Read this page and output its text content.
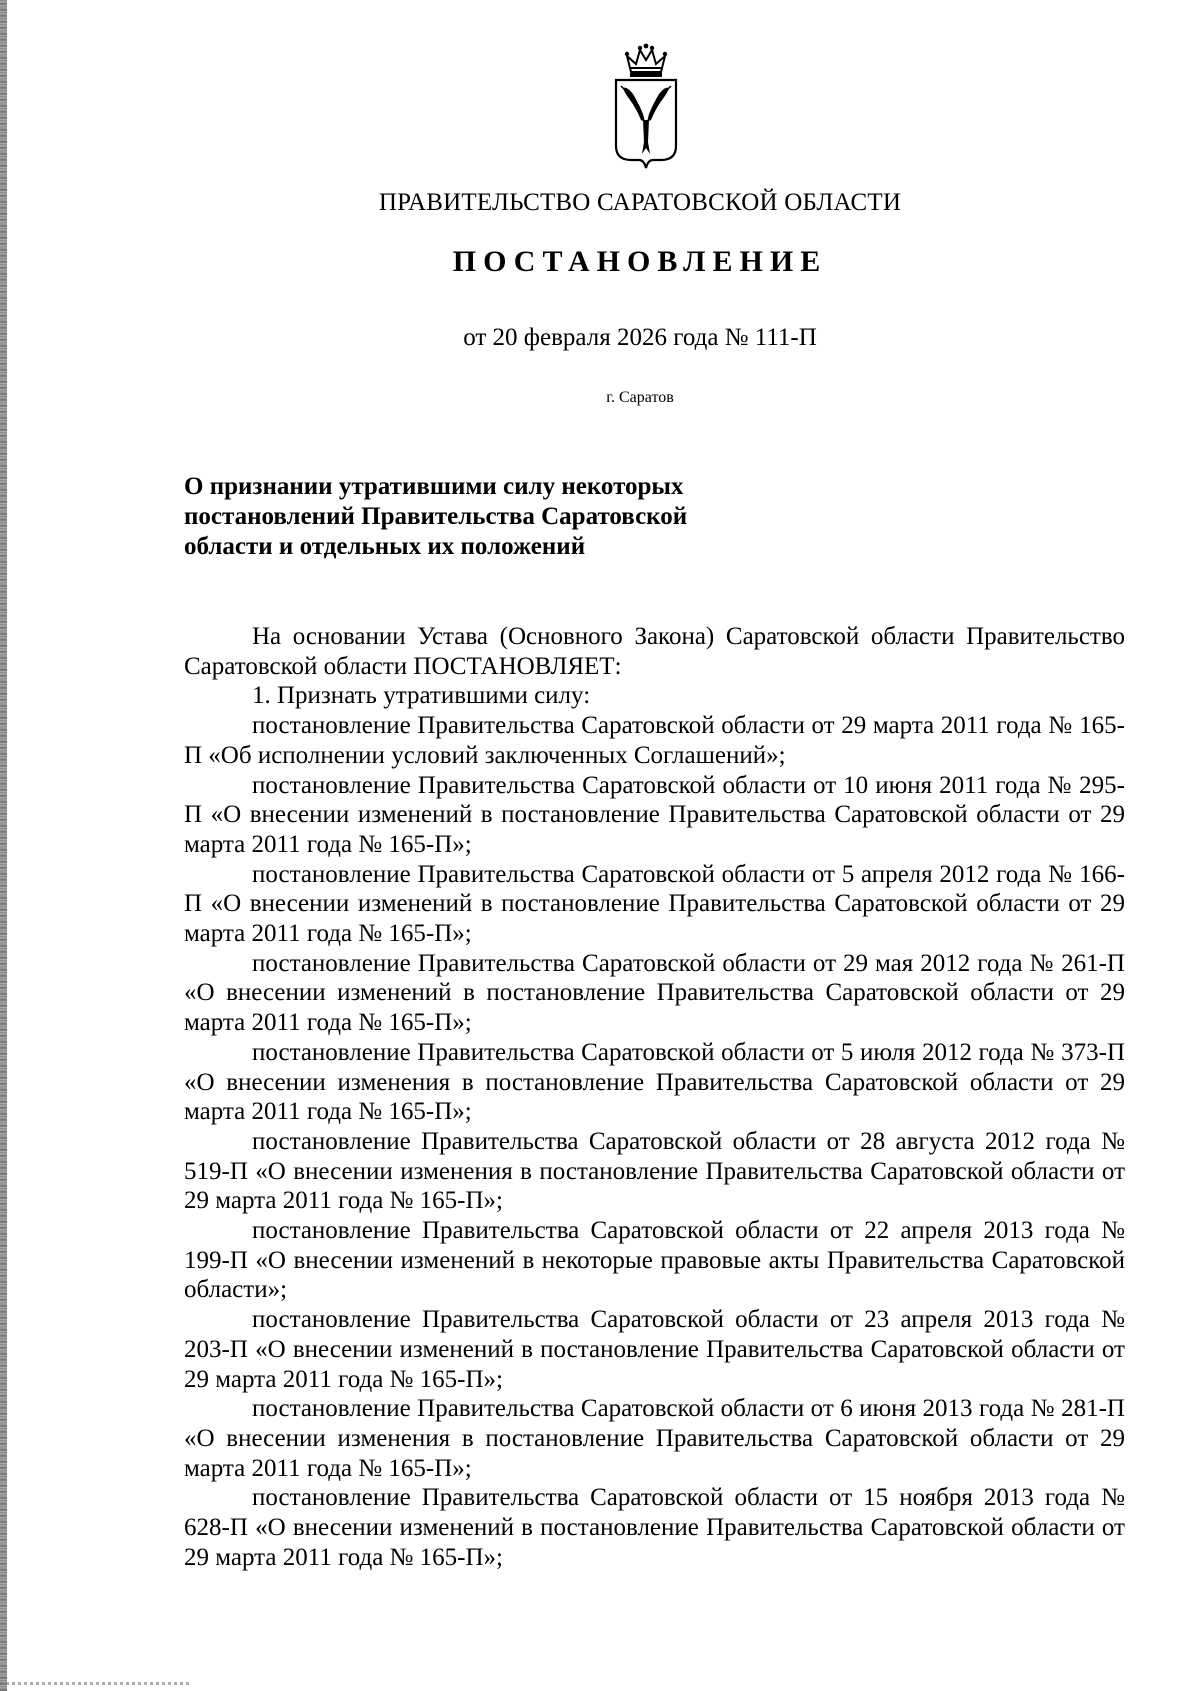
ПРАВИТЕЛЬСТВО САРАТОВСКОЙ ОБЛАСТИ
ПОСТАНОВЛЕНИЕ
от 20 февраля 2026 года № 111-П
г. Саратов
О признании утратившими силу некоторых
постановлений Правительства Саратовской
области и отдельных их положений

На основании Устава (Основного Закона) Саратовской области Правительство Саратовской области ПОСТАНОВЛЯЕТ:

1. Признать утратившими силу:

постановление Правительства Саратовской области от 29 марта 2011 года № 165-П «Об исполнении условий заключенных Соглашений»;

постановление Правительства Саратовской области от 10 июня 2011 года № 295-П «О внесении изменений в постановление Правительства Саратовской области от 29 марта 2011 года № 165-П»;

постановление Правительства Саратовской области от 5 апреля 2012 года № 166-П «О внесении изменений в постановление Правительства Саратовской области от 29 марта 2011 года № 165-П»;

постановление Правительства Саратовской области от 29 мая 2012 года № 261-П «О внесении изменений в постановление Правительства Саратовской области от 29 марта 2011 года № 165-П»;

постановление Правительства Саратовской области от 5 июля 2012 года № 373-П «О внесении изменения в постановление Правительства Саратовской области от 29 марта 2011 года № 165-П»;

постановление Правительства Саратовской области от 28 августа 2012 года № 519-П «О внесении изменения в постановление Правительства Саратовской области от 29 марта 2011 года № 165-П»;

постановление Правительства Саратовской области от 22 апреля 2013 года № 199-П «О внесении изменений в некоторые правовые акты Правительства Саратовской области»;

постановление Правительства Саратовской области от 23 апреля 2013 года № 203-П «О внесении изменений в постановление Правительства Саратовской области от 29 марта 2011 года № 165-П»;

постановление Правительства Саратовской области от 6 июня 2013 года № 281-П «О внесении изменения в постановление Правительства Саратовской области от 29 марта 2011 года № 165-П»;

постановление Правительства Саратовской области от 15 ноября 2013 года № 628-П «О внесении изменений в постановление Правительства Саратовской области от 29 марта 2011 года № 165-П»;
